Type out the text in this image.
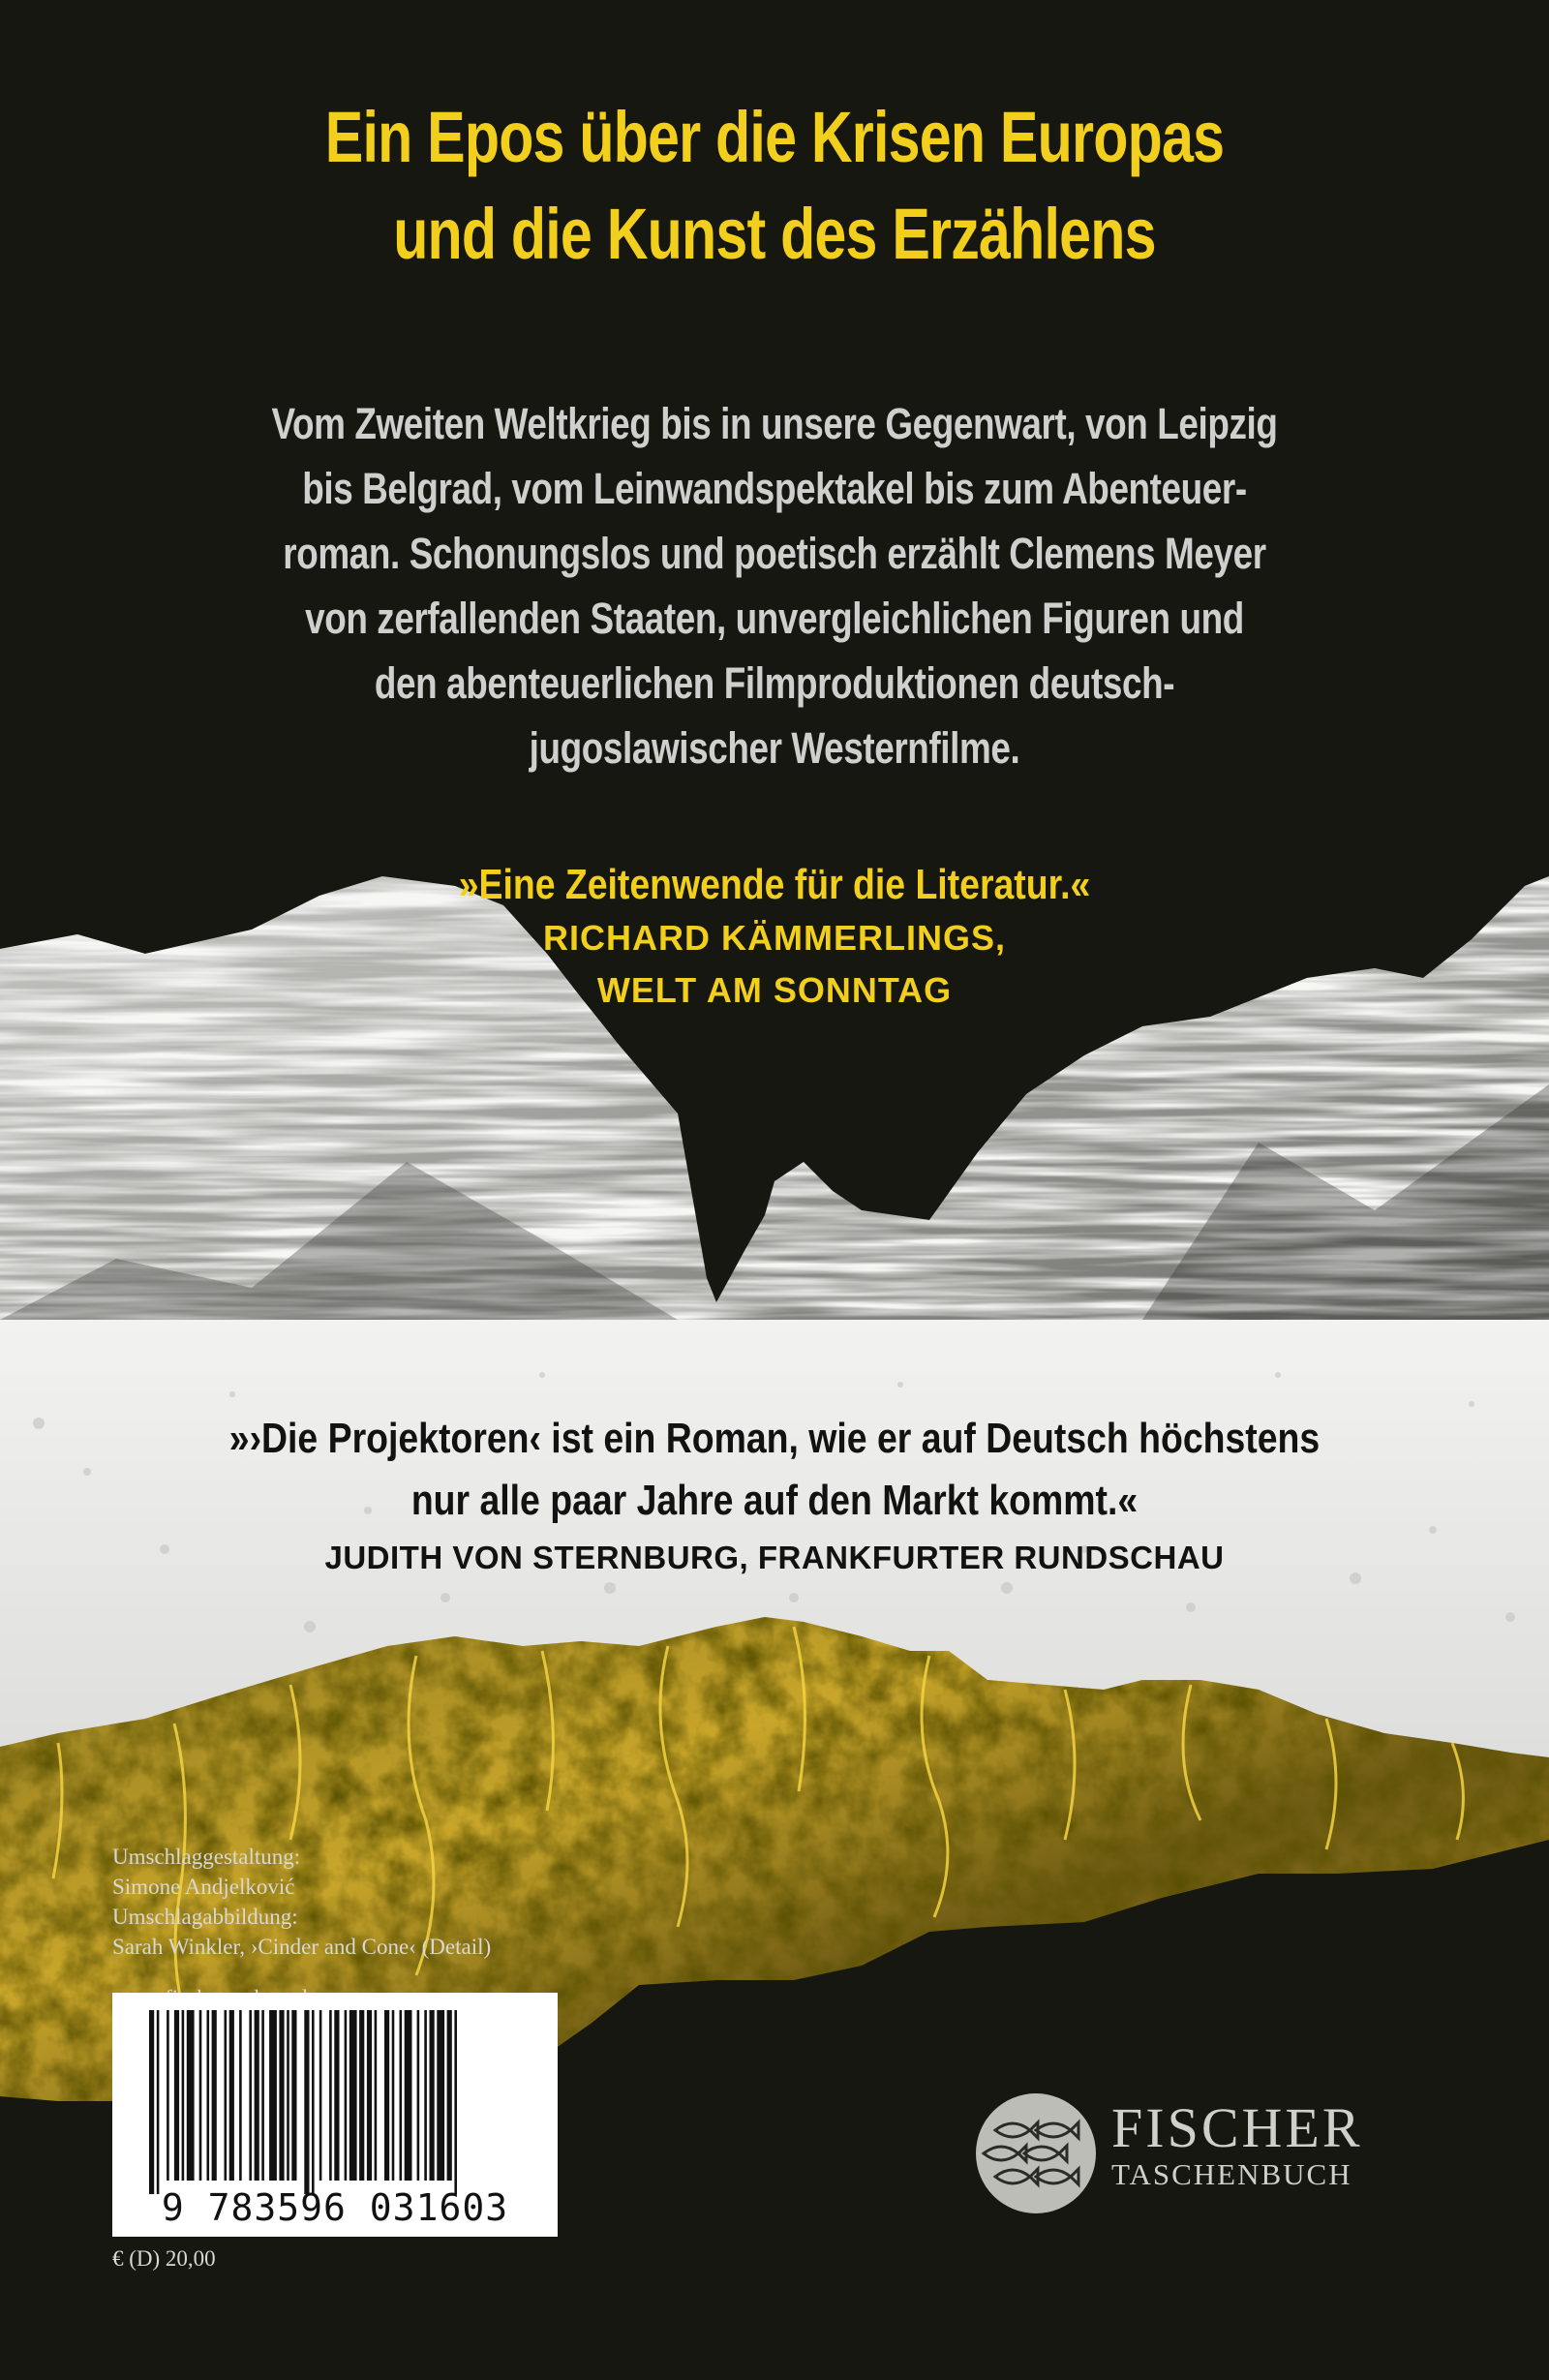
Ein Epos über die Krisen Europas
und die Kunst des Erzählens
Vom Zweiten Weltkrieg bis in unsere Gegenwart, von Leipzig
bis Belgrad, vom Leinwandspektakel bis zum Abenteuer-
roman. Schonungslos und poetisch erzählt Clemens Meyer
von zerfallenden Staaten, unvergleichlichen Figuren und
den abenteuerlichen Filmproduktionen deutsch-
jugoslawischer Westernfilme.
»Eine Zeitenwende für die Literatur.«
RICHARD KÄMMERLINGS,
WELT AM SONNTAG
»›Die Projektoren‹ ist ein Roman, wie er auf Deutsch höchstens
nur alle paar Jahre auf den Markt kommt.«
JUDITH VON STERNBURG, FRANKFURTER RUNDSCHAU
Umschlaggestaltung:
Simone Andjelković
Umschlagabbildung:
Sarah Winkler, ›Cinder and Cone‹ (Detail)
9 783596 031603
€ (D) 20,00
FISCHER
TASCHENBUCH
